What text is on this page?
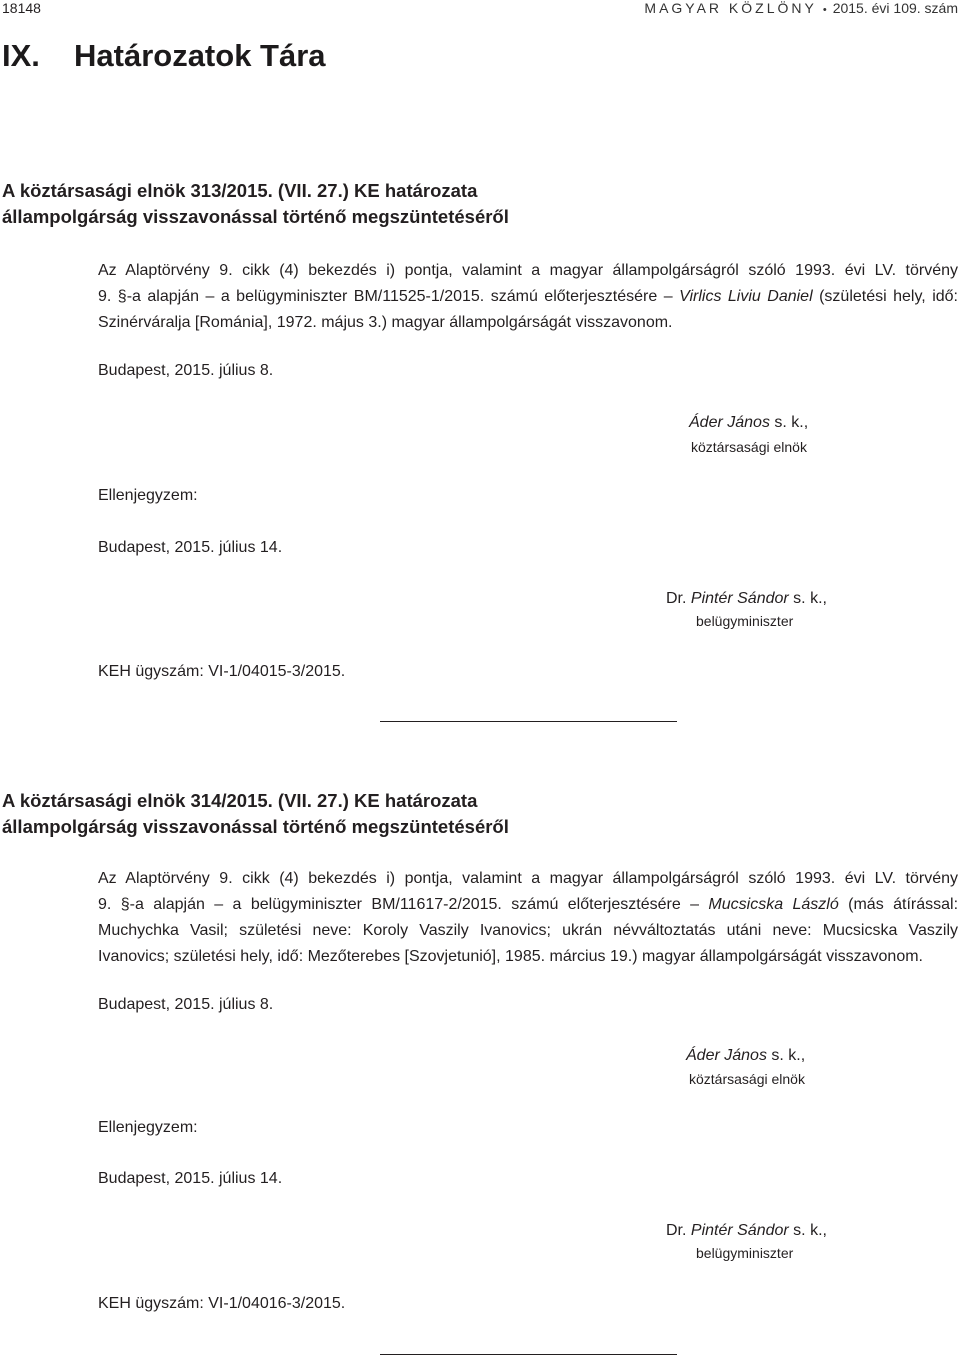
18148	MAGYAR KÖZLÖNY • 2015. évi 109. szám
IX. Határozatok Tára
A köztársasági elnök 313/2015. (VII. 27.) KE határozata
állampolgárság visszavonással történő megszüntetéséről
Az Alaptörvény 9. cikk (4) bekezdés i) pontja, valamint a magyar állampolgárságról szóló 1993. évi LV. törvény
9. §-a alapján – a belügyminiszter BM/11525-1/2015. számú előterjesztésére – Virlics Liviu Daniel (születési hely, idő:
Szinérváralja [Románia], 1972. május 3.) magyar állampolgárságát visszavonom.
Budapest, 2015. július 8.
Áder János s. k.,
köztársasági elnök
Ellenjegyzem:
Budapest, 2015. július 14.
Dr. Pintér Sándor s. k.,
belügyminiszter
KEH ügyszám: VI-1/04015-3/2015.
A köztársasági elnök 314/2015. (VII. 27.) KE határozata
állampolgárság visszavonással történő megszüntetéséről
Az Alaptörvény 9. cikk (4) bekezdés i) pontja, valamint a magyar állampolgárságról szóló 1993. évi LV. törvény
9. §-a alapján – a belügyminiszter BM/11617-2/2015. számú előterjesztésére – Mucsicska László (más átírással:
Muchychka Vasil; születési neve: Koroly Vaszily Ivanovics; ukrán névváltoztatás utáni neve: Mucsicska Vaszily
Ivanovics; születési hely, idő: Mezőterebes [Szovjetunió], 1985. március 19.) magyar állampolgárságát visszavonom.
Budapest, 2015. július 8.
Áder János s. k.,
köztársasági elnök
Ellenjegyzem:
Budapest, 2015. július 14.
Dr. Pintér Sándor s. k.,
belügyminiszter
KEH ügyszám: VI-1/04016-3/2015.
